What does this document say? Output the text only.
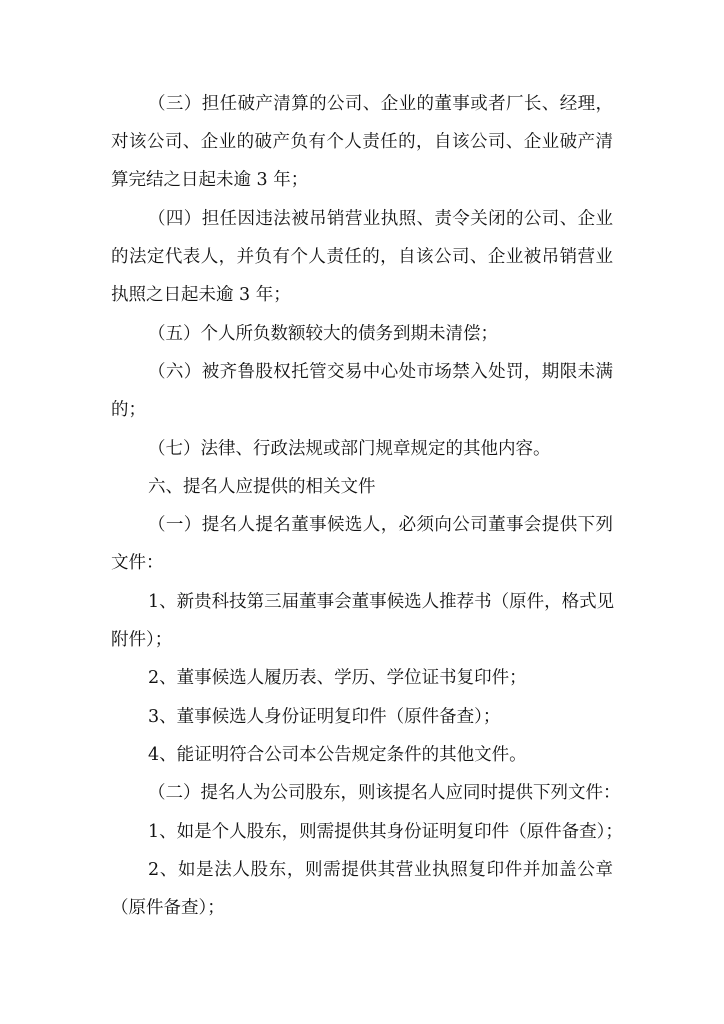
（三）担任破产清算的公司、企业的董事或者厂长、经理，
对该公司、企业的破产负有个人责任的，自该公司、企业破产清
算完结之日起未逾 3 年；
（四）担任因违法被吊销营业执照、责令关闭的公司、企业
的法定代表人，并负有个人责任的，自该公司、企业被吊销营业
执照之日起未逾 3 年；
（五）个人所负数额较大的债务到期未清偿；
（六）被齐鲁股权托管交易中心处市场禁入处罚，期限未满
的；
（七）法律、行政法规或部门规章规定的其他内容。
六、提名人应提供的相关文件
（一）提名人提名董事候选人，必须向公司董事会提供下列
文件：
1、新贵科技第三届董事会董事候选人推荐书（原件，格式见
附件）；
2、董事候选人履历表、学历、学位证书复印件；
3、董事候选人身份证明复印件（原件备查）；
4、能证明符合公司本公告规定条件的其他文件。
（二）提名人为公司股东，则该提名人应同时提供下列文件：
1、如是个人股东，则需提供其身份证明复印件（原件备查）；
2、如是法人股东，则需提供其营业执照复印件并加盖公章
（原件备查）；
